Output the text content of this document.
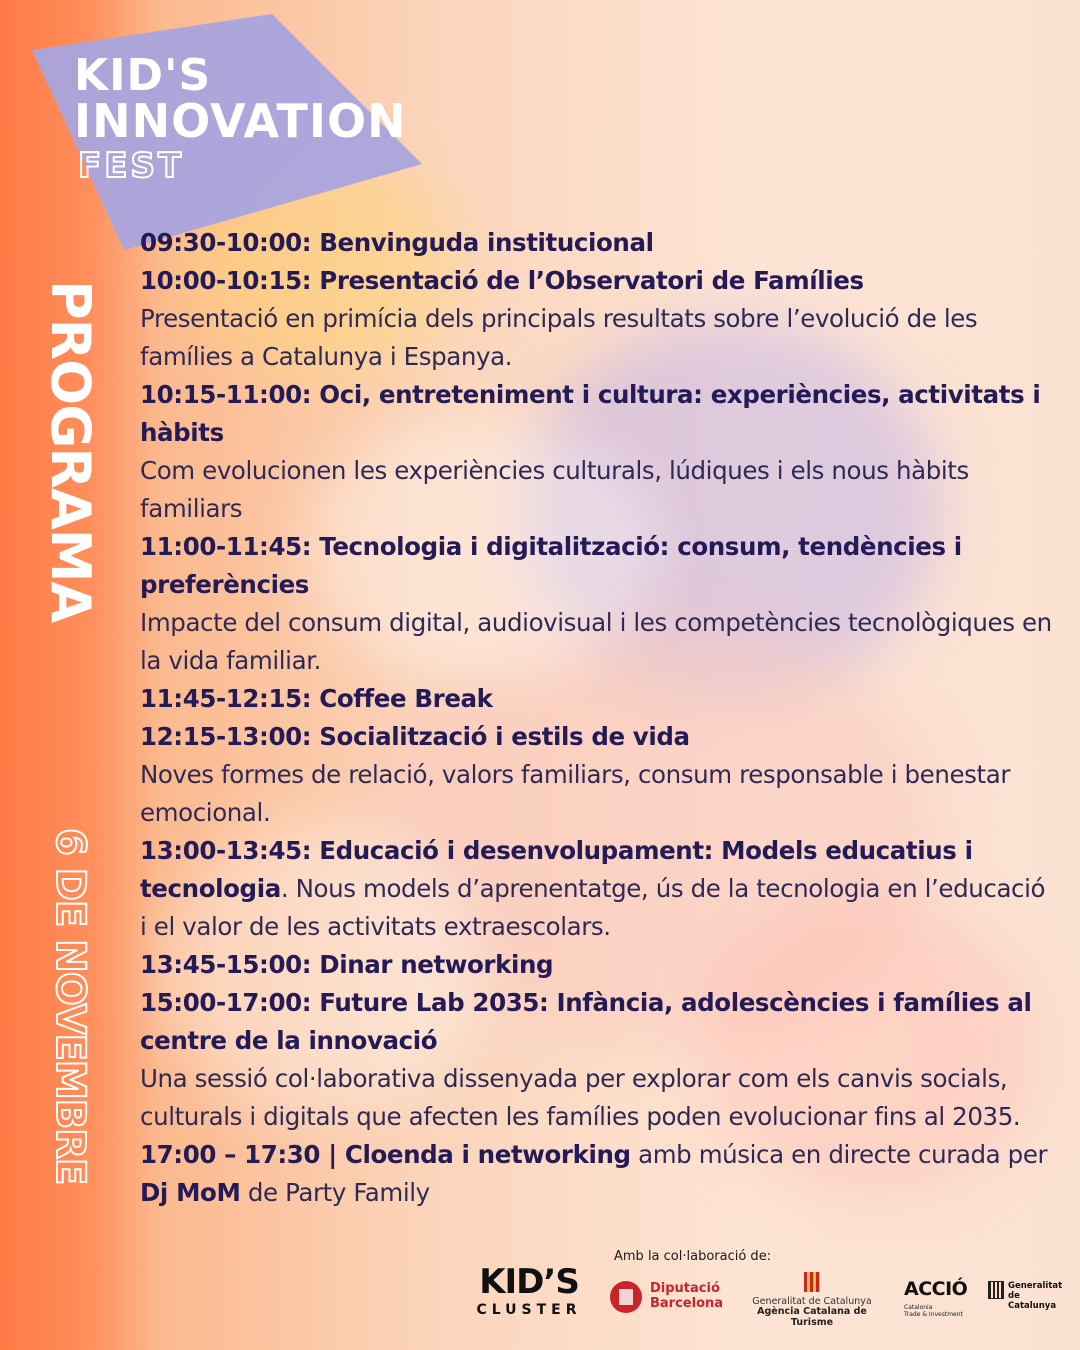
KID'S
INNOVATION
FEST
PROGRAMA
6 DE NOVEMBRE

09:30-10:00: Benvinguda institucional

10:00-10:15: Presentació de l’Observatori de Famílies
Presentació en primícia dels principals resultats sobre l’evolució de les famílies a Catalunya i Espanya.

10:15-11:00: Oci, entreteniment i cultura: experiències, activitats i hàbits
Com evolucionen les experiències culturals, lúdiques i els nous hàbits familiars

11:00-11:45: Tecnologia i digitalització: consum, tendències i preferències
Impacte del consum digital, audiovisual i les competències tecnològiques en la vida familiar.

11:45-12:15: Coffee Break

12:15-13:00: Socialització i estils de vida
Noves formes de relació, valors familiars, consum responsable i benestar emocional.

13:00-13:45: Educació i desenvolupament: Models educatius i tecnologia. Nous models d’aprenentatge, ús de la tecnologia en l’educació i el valor de les activitats extraescolars.

13:45-15:00: Dinar networking

15:00-17:00: Future Lab 2035: Infància, adolescències i famílies al centre de la innovació
Una sessió col·laborativa dissenyada per explorar com els canvis socials, culturals i digitals que afecten les famílies poden evolucionar fins al 2035.

17:00 – 17:30 | Cloenda i networking amb música en directe curada per Dj MoM de Party Family

Amb la col·laboració de:
KID’S
CLUSTER
Diputació
Barcelona	Generalitat de Catalunya
Agència Catalana de Turisme
ACCIÓ
Catalonia
Trade & Investment
Generalitat
de Catalunya
